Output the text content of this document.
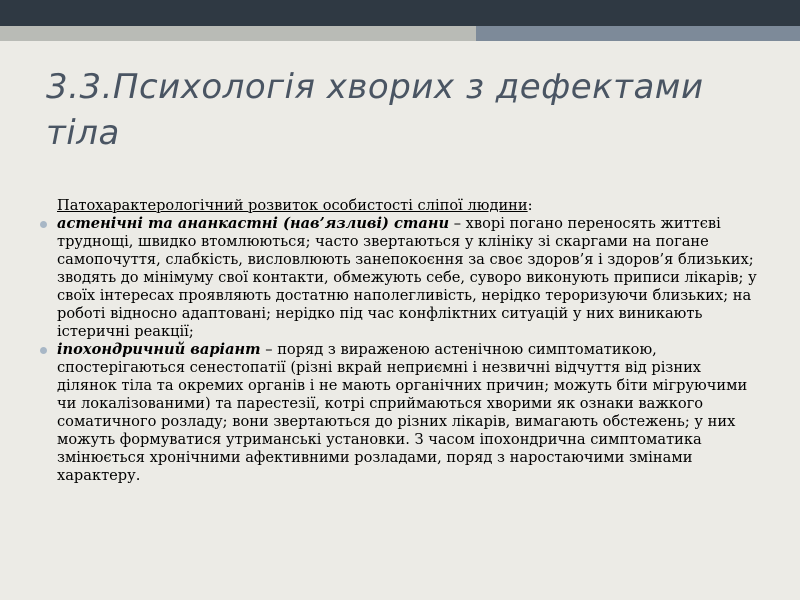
3.3.Психологія хворих з дефектами тіла

Патохарактерологічний розвиток особистості сліпої людини:

астенічні та ананкастні (нав’язливі) стани – хворі погано переносять життєві труднощі, швидко втомлюються; часто звертаються у клініку зі скаргами на погане самопочуття, слабкість, висловлюють занепокоєння за своє здоров’я і здоров’я близьких; зводять до мінімуму свої контакти, обмежують себе, суворо виконують приписи лікарів; у своїх інтересах проявляють достатню наполегливість, нерідко тероризуючи близьких; на роботі відносно адаптовані; нерідко під час конфліктних ситуацій у них виникають істеричні реакції;
іпохондричний варіант – поряд з вираженою астенічною симптоматикою, спостерігаються сенестопатії (різні вкрай неприємні і незвичні відчуття від різних ділянок тіла та окремих органів і не мають органічних причин; можуть біти мігруючими чи локалізованими) та парестезії, котрі сприймаються хворими як ознаки важкого соматичного розладу; вони звертаються до різних лікарів, вимагають обстежень; у них можуть формуватися утриманські установки. З часом іпохондрична симптоматика змінюється хронічними афективними розладами, поряд з наростаючими змінами характеру.
